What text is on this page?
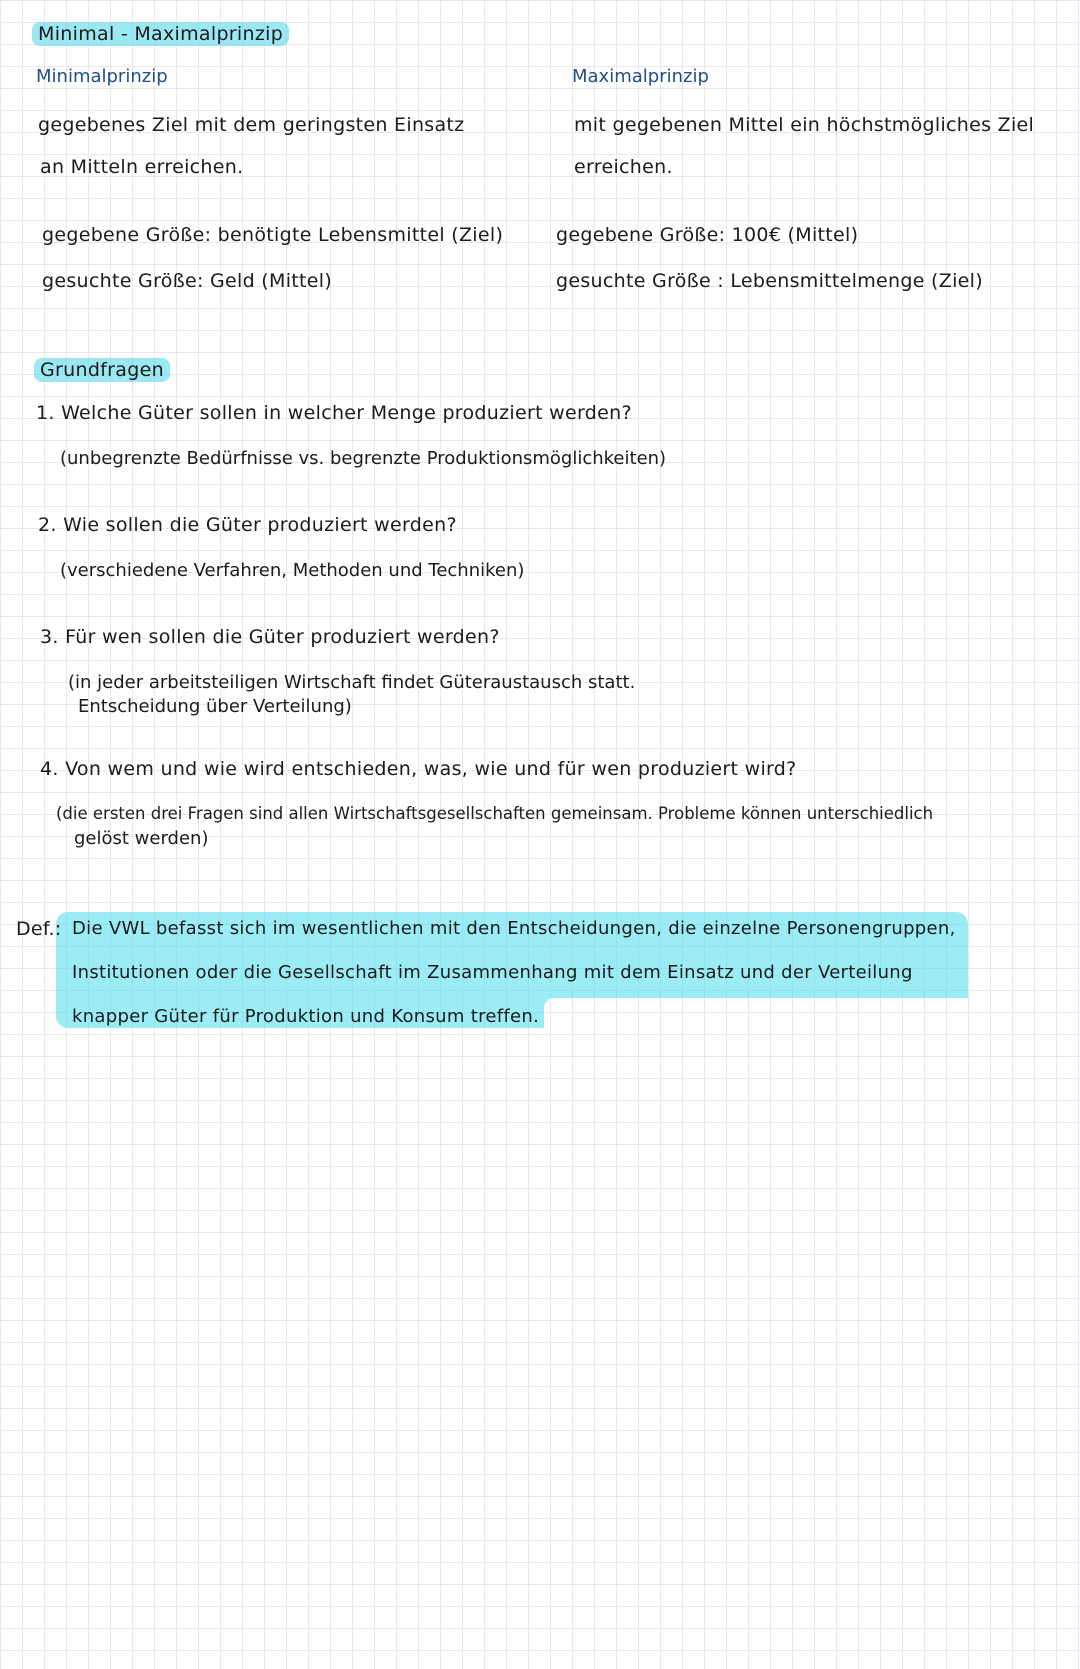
Minimal - Maximalprinzip
Minimalprinzip
gegebenes Ziel mit dem geringsten Einsatz
an Mitteln erreichen.
gegebene Größe: benötigte Lebensmittel (Ziel)
gesuchte Größe: Geld (Mittel)
Maximalprinzip
mit gegebenen Mittel ein höchstmögliches Ziel
erreichen.
gegebene Größe: 100€ (Mittel)
gesuchte Größe : Lebensmittelmenge (Ziel)
Grundfragen
1. Welche Güter sollen in welcher Menge produziert werden?
(unbegrenzte Bedürfnisse vs. begrenzte Produktionsmöglichkeiten)
2. Wie sollen die Güter produziert werden?
(verschiedene Verfahren, Methoden und Techniken)
3. Für wen sollen die Güter produziert werden?
(in jeder arbeitsteiligen Wirtschaft findet Güteraustausch statt.
Entscheidung über Verteilung)
4. Von wem und wie wird entschieden, was, wie und für wen produziert wird?
(die ersten drei Fragen sind allen Wirtschaftsgesellschaften gemeinsam. Probleme können unterschiedlich
gelöst werden)
Def.: Die VWL befasst sich im wesentlichen mit den Entscheidungen, die einzelne Personengruppen,
Institutionen oder die Gesellschaft im Zusammenhang mit dem Einsatz und der Verteilung
knapper Güter für Produktion und Konsum treffen.
